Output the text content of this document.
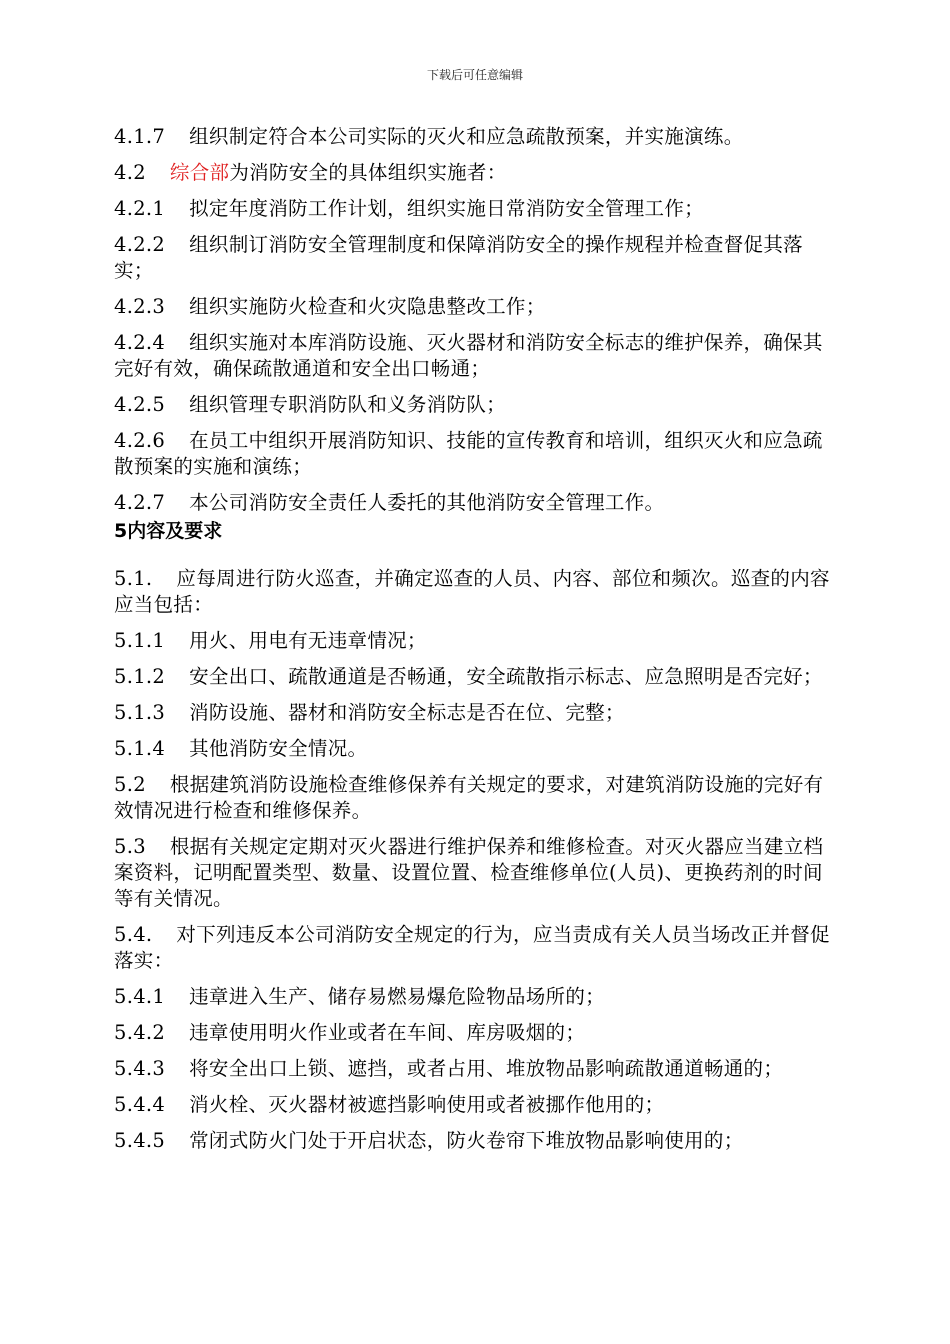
下载后可任意编辑

4.1.7 组织制定符合本公司实际的灭火和应急疏散预案，并实施演练。

4.2 综合部为消防安全的具体组织实施者：

4.2.1 拟定年度消防工作计划，组织实施日常消防安全管理工作；

4.2.2 组织制订消防安全管理制度和保障消防安全的操作规程并检查督促其落实；

4.2.3 组织实施防火检查和火灾隐患整改工作；

4.2.4 组织实施对本库消防设施、灭火器材和消防安全标志的维护保养，确保其完好有效，确保疏散通道和安全出口畅通；

4.2.5 组织管理专职消防队和义务消防队；

4.2.6 在员工中组织开展消防知识、技能的宣传教育和培训，组织灭火和应急疏散预案的实施和演练；

4.2.7 本公司消防安全责任人委托的其他消防安全管理工作。

5内容及要求

5.1. 应每周进行防火巡查，并确定巡查的人员、内容、部位和频次。巡查的内容应当包括：

5.1.1 用火、用电有无违章情况；

5.1.2 安全出口、疏散通道是否畅通，安全疏散指示标志、应急照明是否完好；

5.1.3 消防设施、器材和消防安全标志是否在位、完整；

5.1.4 其他消防安全情况。

5.2 根据建筑消防设施检查维修保养有关规定的要求，对建筑消防设施的完好有效情况进行检查和维修保养。

5.3 根据有关规定定期对灭火器进行维护保养和维修检查。对灭火器应当建立档案资料，记明配置类型、数量、设置位置、检查维修单位(人员)、更换药剂的时间等有关情况。

5.4. 对下列违反本公司消防安全规定的行为，应当责成有关人员当场改正并督促落实：

5.4.1 违章进入生产、储存易燃易爆危险物品场所的；

5.4.2 违章使用明火作业或者在车间、库房吸烟的；

5.4.3 将安全出口上锁、遮挡，或者占用、堆放物品影响疏散通道畅通的；

5.4.4 消火栓、灭火器材被遮挡影响使用或者被挪作他用的；

5.4.5 常闭式防火门处于开启状态，防火卷帘下堆放物品影响使用的；
